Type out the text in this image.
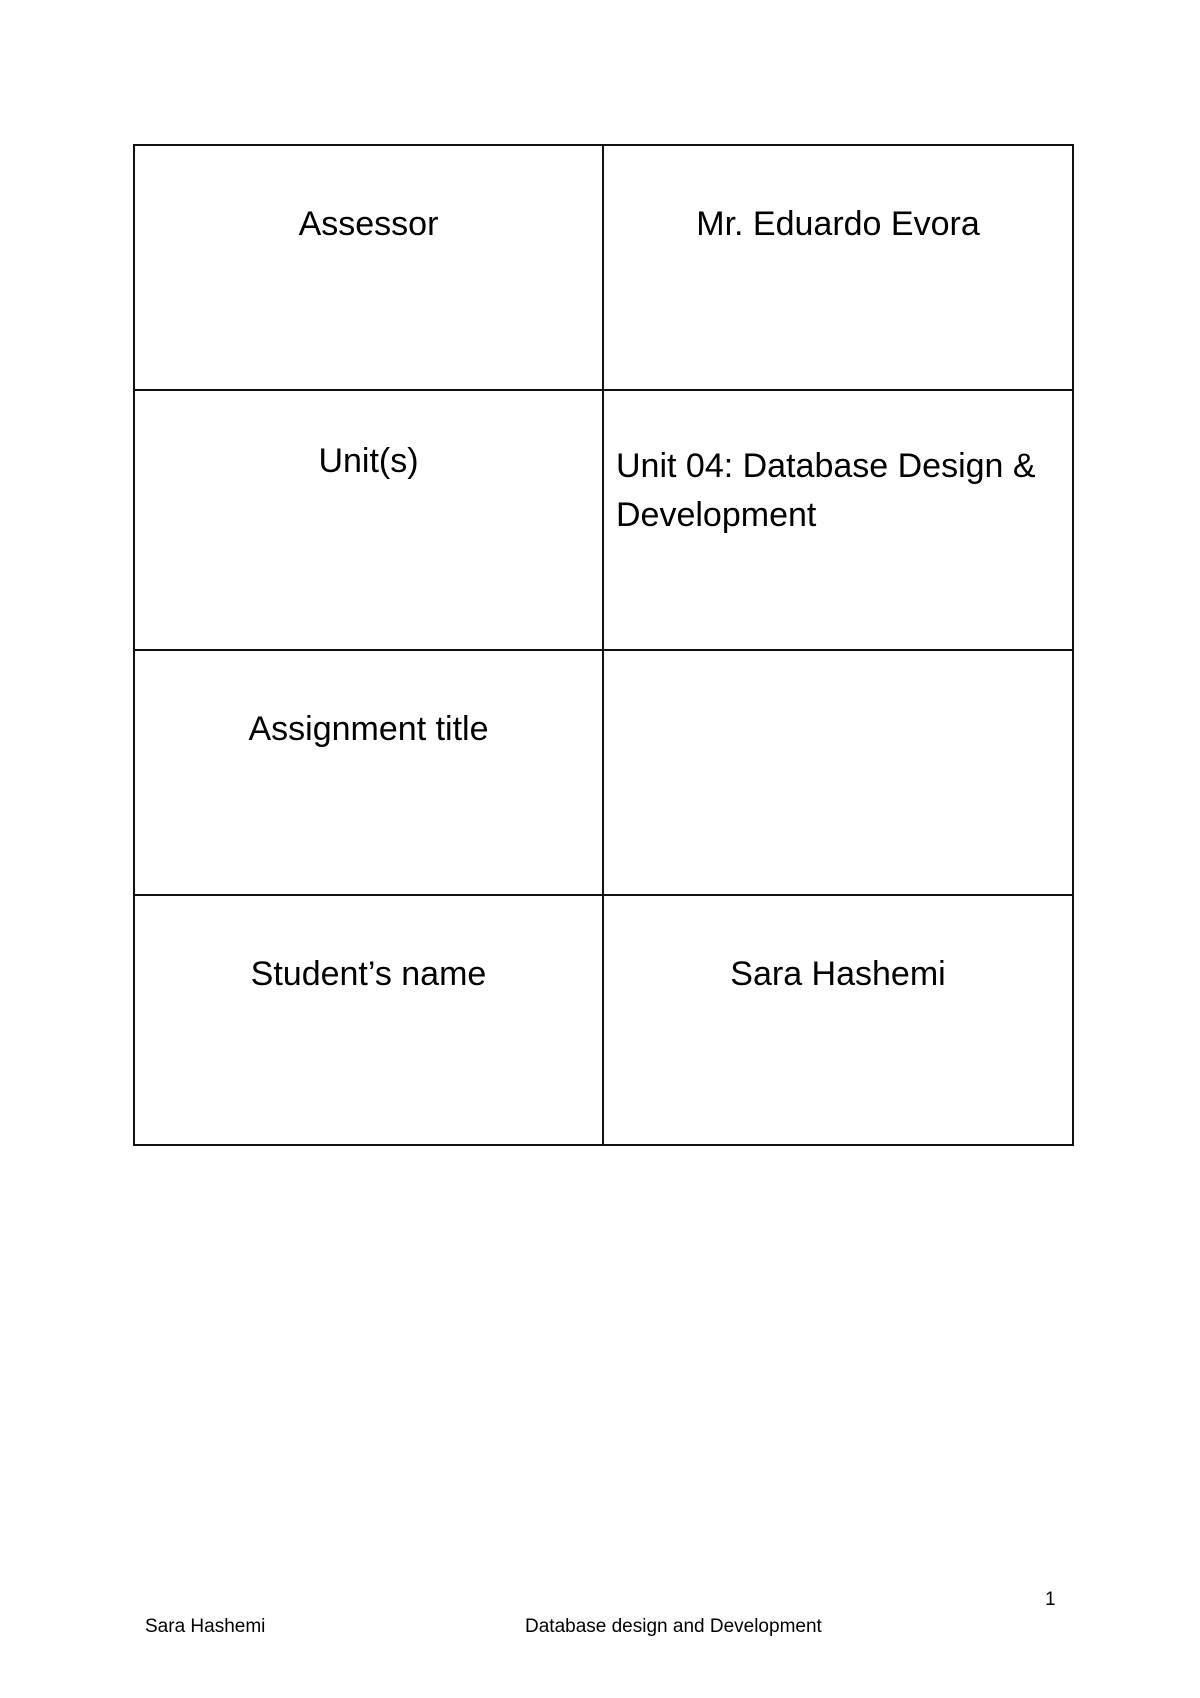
Assessor	Mr. Eduardo Evora
Unit(s)	Unit 04: Database Design & Development
Assignment title	
Student’s name	Sara Hashemi
1
Sara Hashemi	Database design and Development
